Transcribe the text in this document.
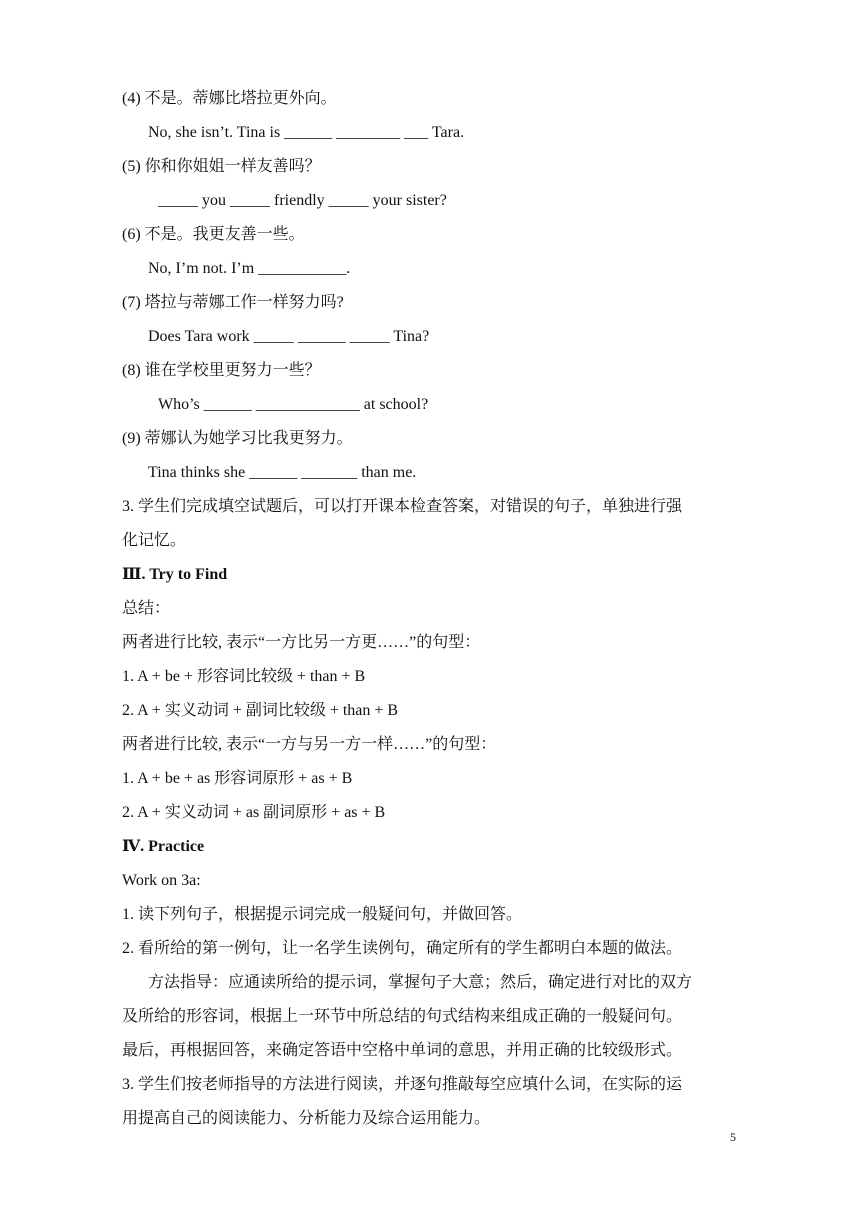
(4) 不是。蒂娜比塔拉更外向。
No, she isn’t. Tina is ______ ________ ___ Tara.
(5) 你和你姐姐一样友善吗？
_____ you _____ friendly _____ your sister?
(6) 不是。我更友善一些。
No, I’m not. I’m ___________.
(7) 塔拉与蒂娜工作一样努力吗?
Does Tara work _____ ______ _____ Tina?
(8) 谁在学校里更努力一些？
Who’s ______ _____________ at school?
(9) 蒂娜认为她学习比我更努力。
Tina thinks she ______ _______ than me.
3. 学生们完成填空试题后，可以打开课本检查答案，对错误的句子，单独进行强
化记忆。
Ⅲ. Try to Find
总结：
两者进行比较, 表示“一方比另一方更……”的句型：
1. A + be + 形容词比较级 + than + B
2. A + 实义动词 + 副词比较级 + than + B
两者进行比较, 表示“一方与另一方一样……”的句型：
1. A + be + as 形容词原形 + as + B
2. A + 实义动词 + as 副词原形 + as + B
Ⅳ. Practice
Work on 3a:
1. 读下列句子，根据提示词完成一般疑问句，并做回答。
2. 看所给的第一例句，让一名学生读例句，确定所有的学生都明白本题的做法。
方法指导：应通读所给的提示词，掌握句子大意；然后，确定进行对比的双方
及所给的形容词，根据上一环节中所总结的句式结构来组成正确的一般疑问句。
最后，再根据回答，来确定答语中空格中单词的意思，并用正确的比较级形式。
3. 学生们按老师指导的方法进行阅读，并逐句推敲每空应填什么词，在实际的运
用提高自己的阅读能力、分析能力及综合运用能力。
5
